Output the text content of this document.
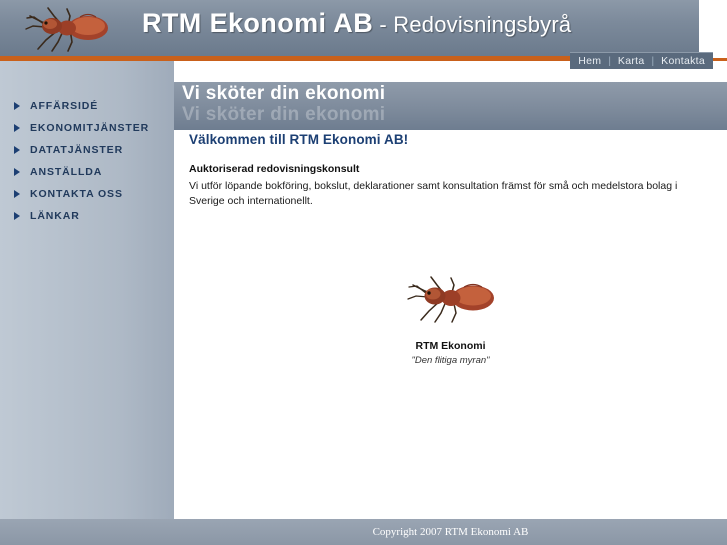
RTM Ekonomi AB - Redovisningsbyrå
Hem | Karta | Kontakta
AFFÄRSIDÉ
EKONOMITJÄNSTER
DATATJÄNSTER
ANSTÄLLDA
KONTAKTA OSS
LÄNKAR
Vi sköter din ekonomi
Vi sköter din ekonomi
Välkommen till RTM Ekonomi AB!
Auktoriserad redovisningskonsult
Vi utför löpande bokföring, bokslut, deklarationer samt konsultation främst för små och medelstora bolag i Sverige och internationellt.
RTM Ekonomi
"Den flitiga myran"
Copyright 2007 RTM Ekonomi AB
